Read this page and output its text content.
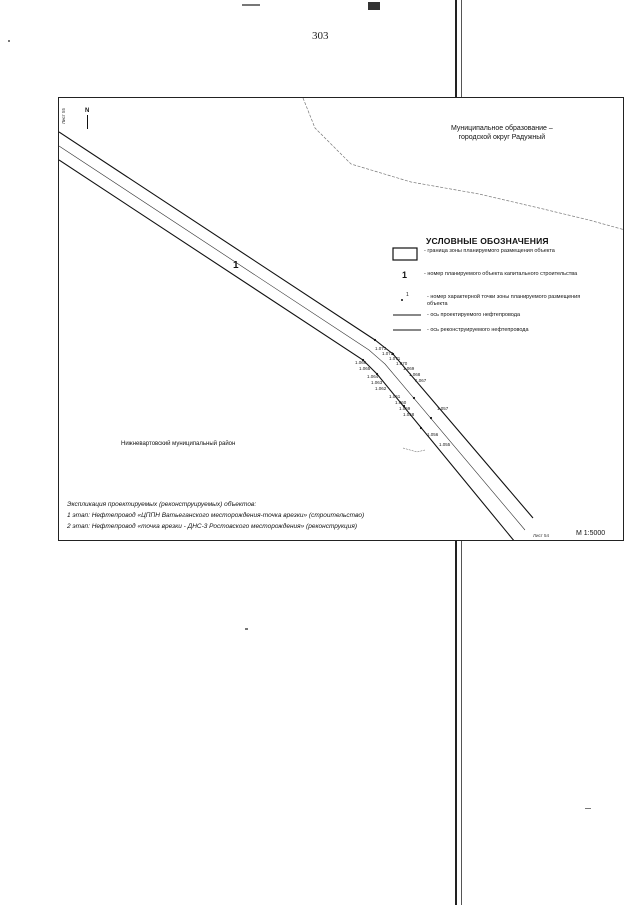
303
N
Лист 55
Муниципальное образование –
городской округ Радужный
1
1.073
1.072
1.071
1.070
1.069
1.068
1.067
1.066
1.065
1.064
1.063
1.062
1.061
1.060
1.059
1.058
1.057
1.056
1.055
Нижневартовский муниципальный район
УСЛОВНЫЕ ОБОЗНАЧЕНИЯ
- граница зоны планируемого размещения объекта
1	- номер планируемого объекта капитального строительства
1	- номер характерной точки зоны планируемого размещения объекта
- ось проектируемого нефтепровода
- ось реконструируемого нефтепровода
Экспликация проектируемых (реконструируемых) объектов:
1 этап: Нефтепровод «ЦППН Ватьеганского месторождения-точка врезки» (строительство)
2 этап: Нефтепровод «точка врезки - ДНС-3 Ростовского месторождения» (реконструкция)
Лист 54	М 1:5000
